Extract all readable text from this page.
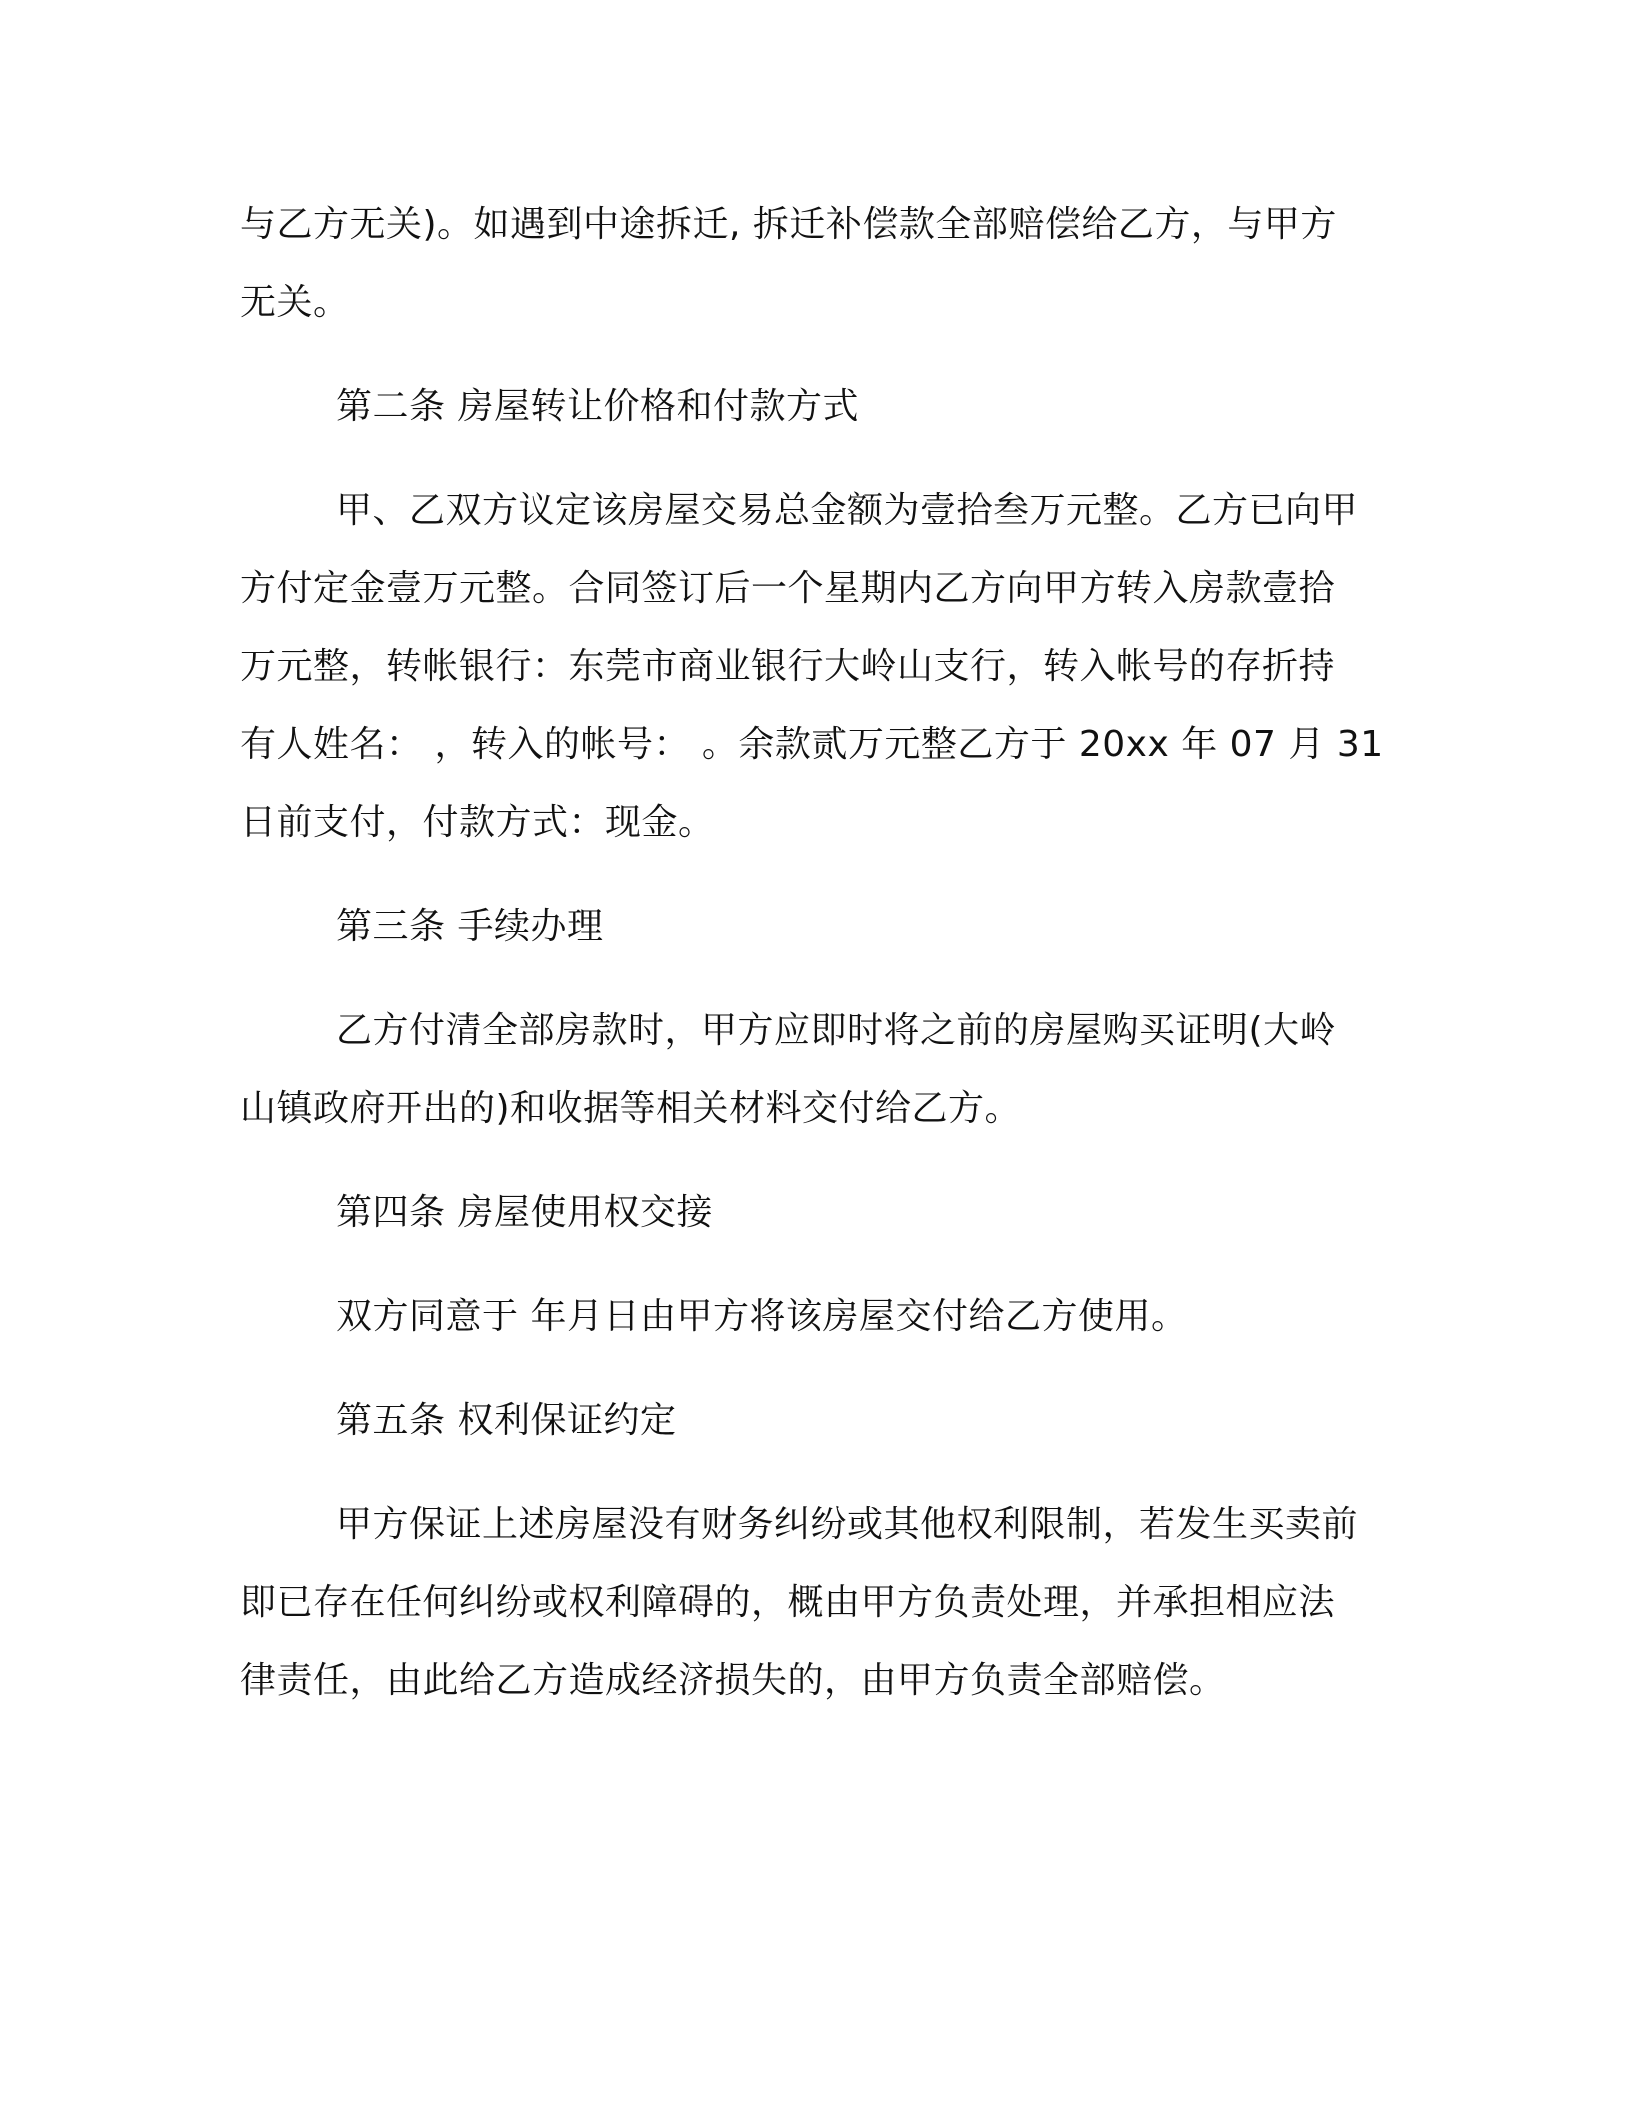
与乙方无关)。如遇到中途拆迁, 拆迁补偿款全部赔偿给乙方，与甲方
无关。
第二条 房屋转让价格和付款方式
甲、乙双方议定该房屋交易总金额为壹拾叁万元整。乙方已向甲
方付定金壹万元整。合同签订后一个星期内乙方向甲方转入房款壹拾
万元整，转帐银行：东莞市商业银行大岭山支行，转入帐号的存折持
有人姓名： ，转入的帐号： 。余款贰万元整乙方于 20xx 年 07 月 31
日前支付，付款方式：现金。
第三条 手续办理
乙方付清全部房款时，甲方应即时将之前的房屋购买证明(大岭
山镇政府开出的)和收据等相关材料交付给乙方。
第四条 房屋使用权交接
双方同意于 年月日由甲方将该房屋交付给乙方使用。
第五条 权利保证约定
甲方保证上述房屋没有财务纠纷或其他权利限制，若发生买卖前
即已存在任何纠纷或权利障碍的，概由甲方负责处理，并承担相应法
律责任，由此给乙方造成经济损失的，由甲方负责全部赔偿。
